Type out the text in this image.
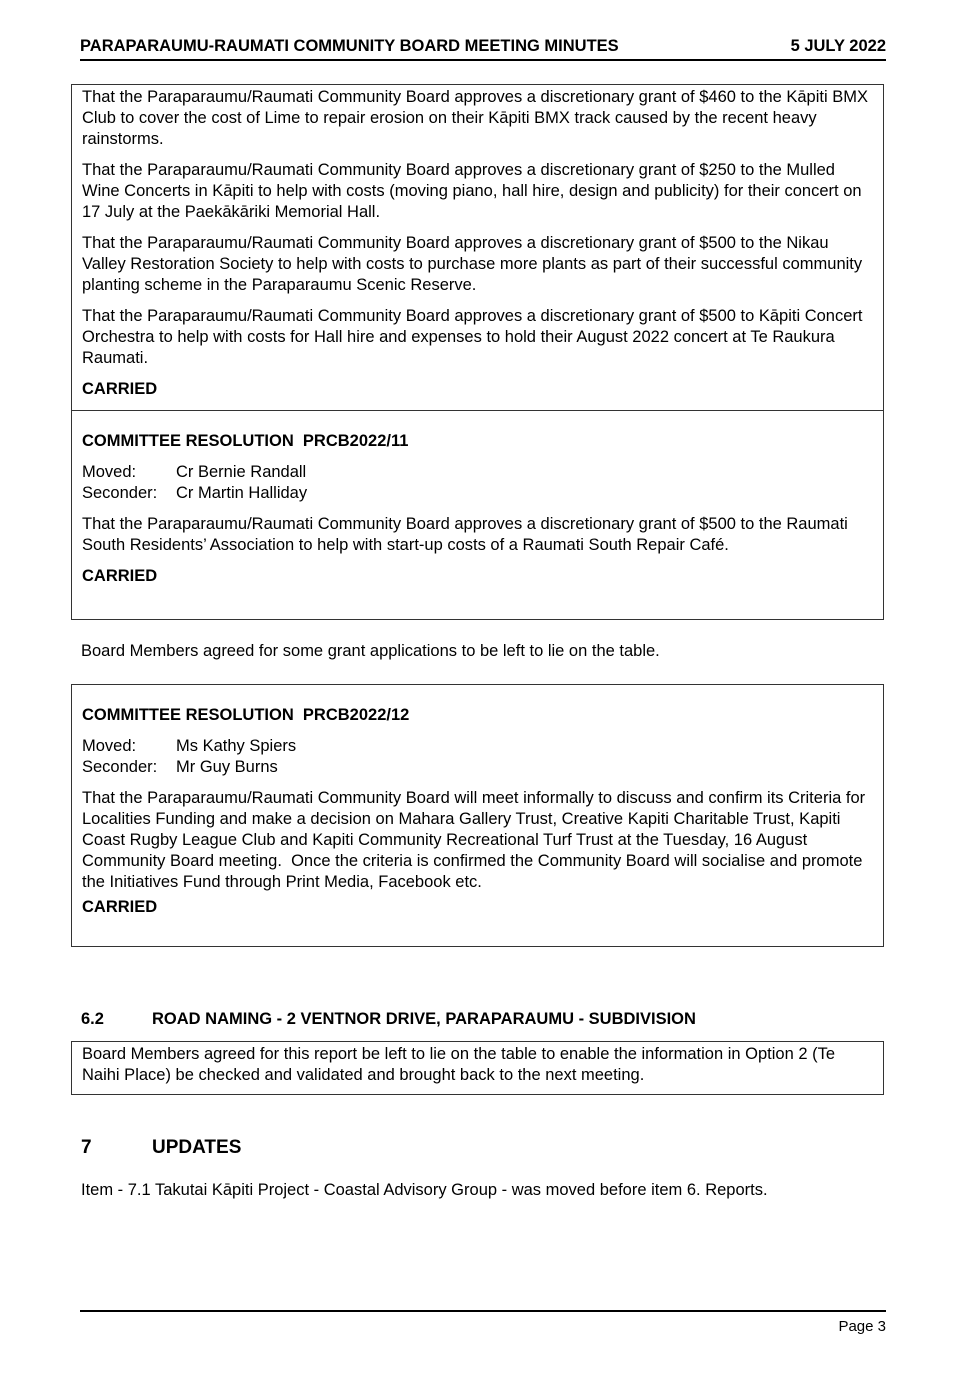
PARAPARAUMU-RAUMATI COMMUNITY BOARD MEETING MINUTES	5 JULY 2022

That the Paraparaumu/Raumati Community Board approves a discretionary grant of $460 to the Kāpiti BMX Club to cover the cost of Lime to repair erosion on their Kāpiti BMX track caused by the recent heavy rainstorms.

That the Paraparaumu/Raumati Community Board approves a discretionary grant of $250 to the Mulled Wine Concerts in Kāpiti to help with costs (moving piano, hall hire, design and publicity) for their concert on 17 July at the Paekākāriki Memorial Hall.

That the Paraparaumu/Raumati Community Board approves a discretionary grant of $500 to the Nikau Valley Restoration Society to help with costs to purchase more plants as part of their successful community planting scheme in the Paraparaumu Scenic Reserve.

That the Paraparaumu/Raumati Community Board approves a discretionary grant of $500 to Kāpiti Concert Orchestra to help with costs for Hall hire and expenses to hold their August 2022 concert at Te Raukura Raumati.

CARRIED

COMMITTEE RESOLUTION  PRCB2022/11

Moved:	Cr Bernie Randall
Seconder:	Cr Martin Halliday

That the Paraparaumu/Raumati Community Board approves a discretionary grant of $500 to the Raumati South Residents’ Association to help with start-up costs of a Raumati South Repair Café.

CARRIED

Board Members agreed for some grant applications to be left to lie on the table.

COMMITTEE RESOLUTION  PRCB2022/12

Moved:	Ms Kathy Spiers
Seconder:	Mr Guy Burns

That the Paraparaumu/Raumati Community Board will meet informally to discuss and confirm its Criteria for Localities Funding and make a decision on Mahara Gallery Trust, Creative Kapiti Charitable Trust, Kapiti Coast Rugby League Club and Kapiti Community Recreational Turf Trust at the Tuesday, 16 August Community Board meeting.  Once the criteria is confirmed the Community Board will socialise and promote the Initiatives Fund through Print Media, Facebook etc.

CARRIED

6.2	ROAD NAMING - 2 VENTNOR DRIVE, PARAPARAUMU - SUBDIVISION

Board Members agreed for this report be left to lie on the table to enable the information in Option 2 (Te Naihi Place) be checked and validated and brought back to the next meeting.

7	UPDATES

Item - 7.1 Takutai Kāpiti Project - Coastal Advisory Group - was moved before item 6. Reports.

Page 3
